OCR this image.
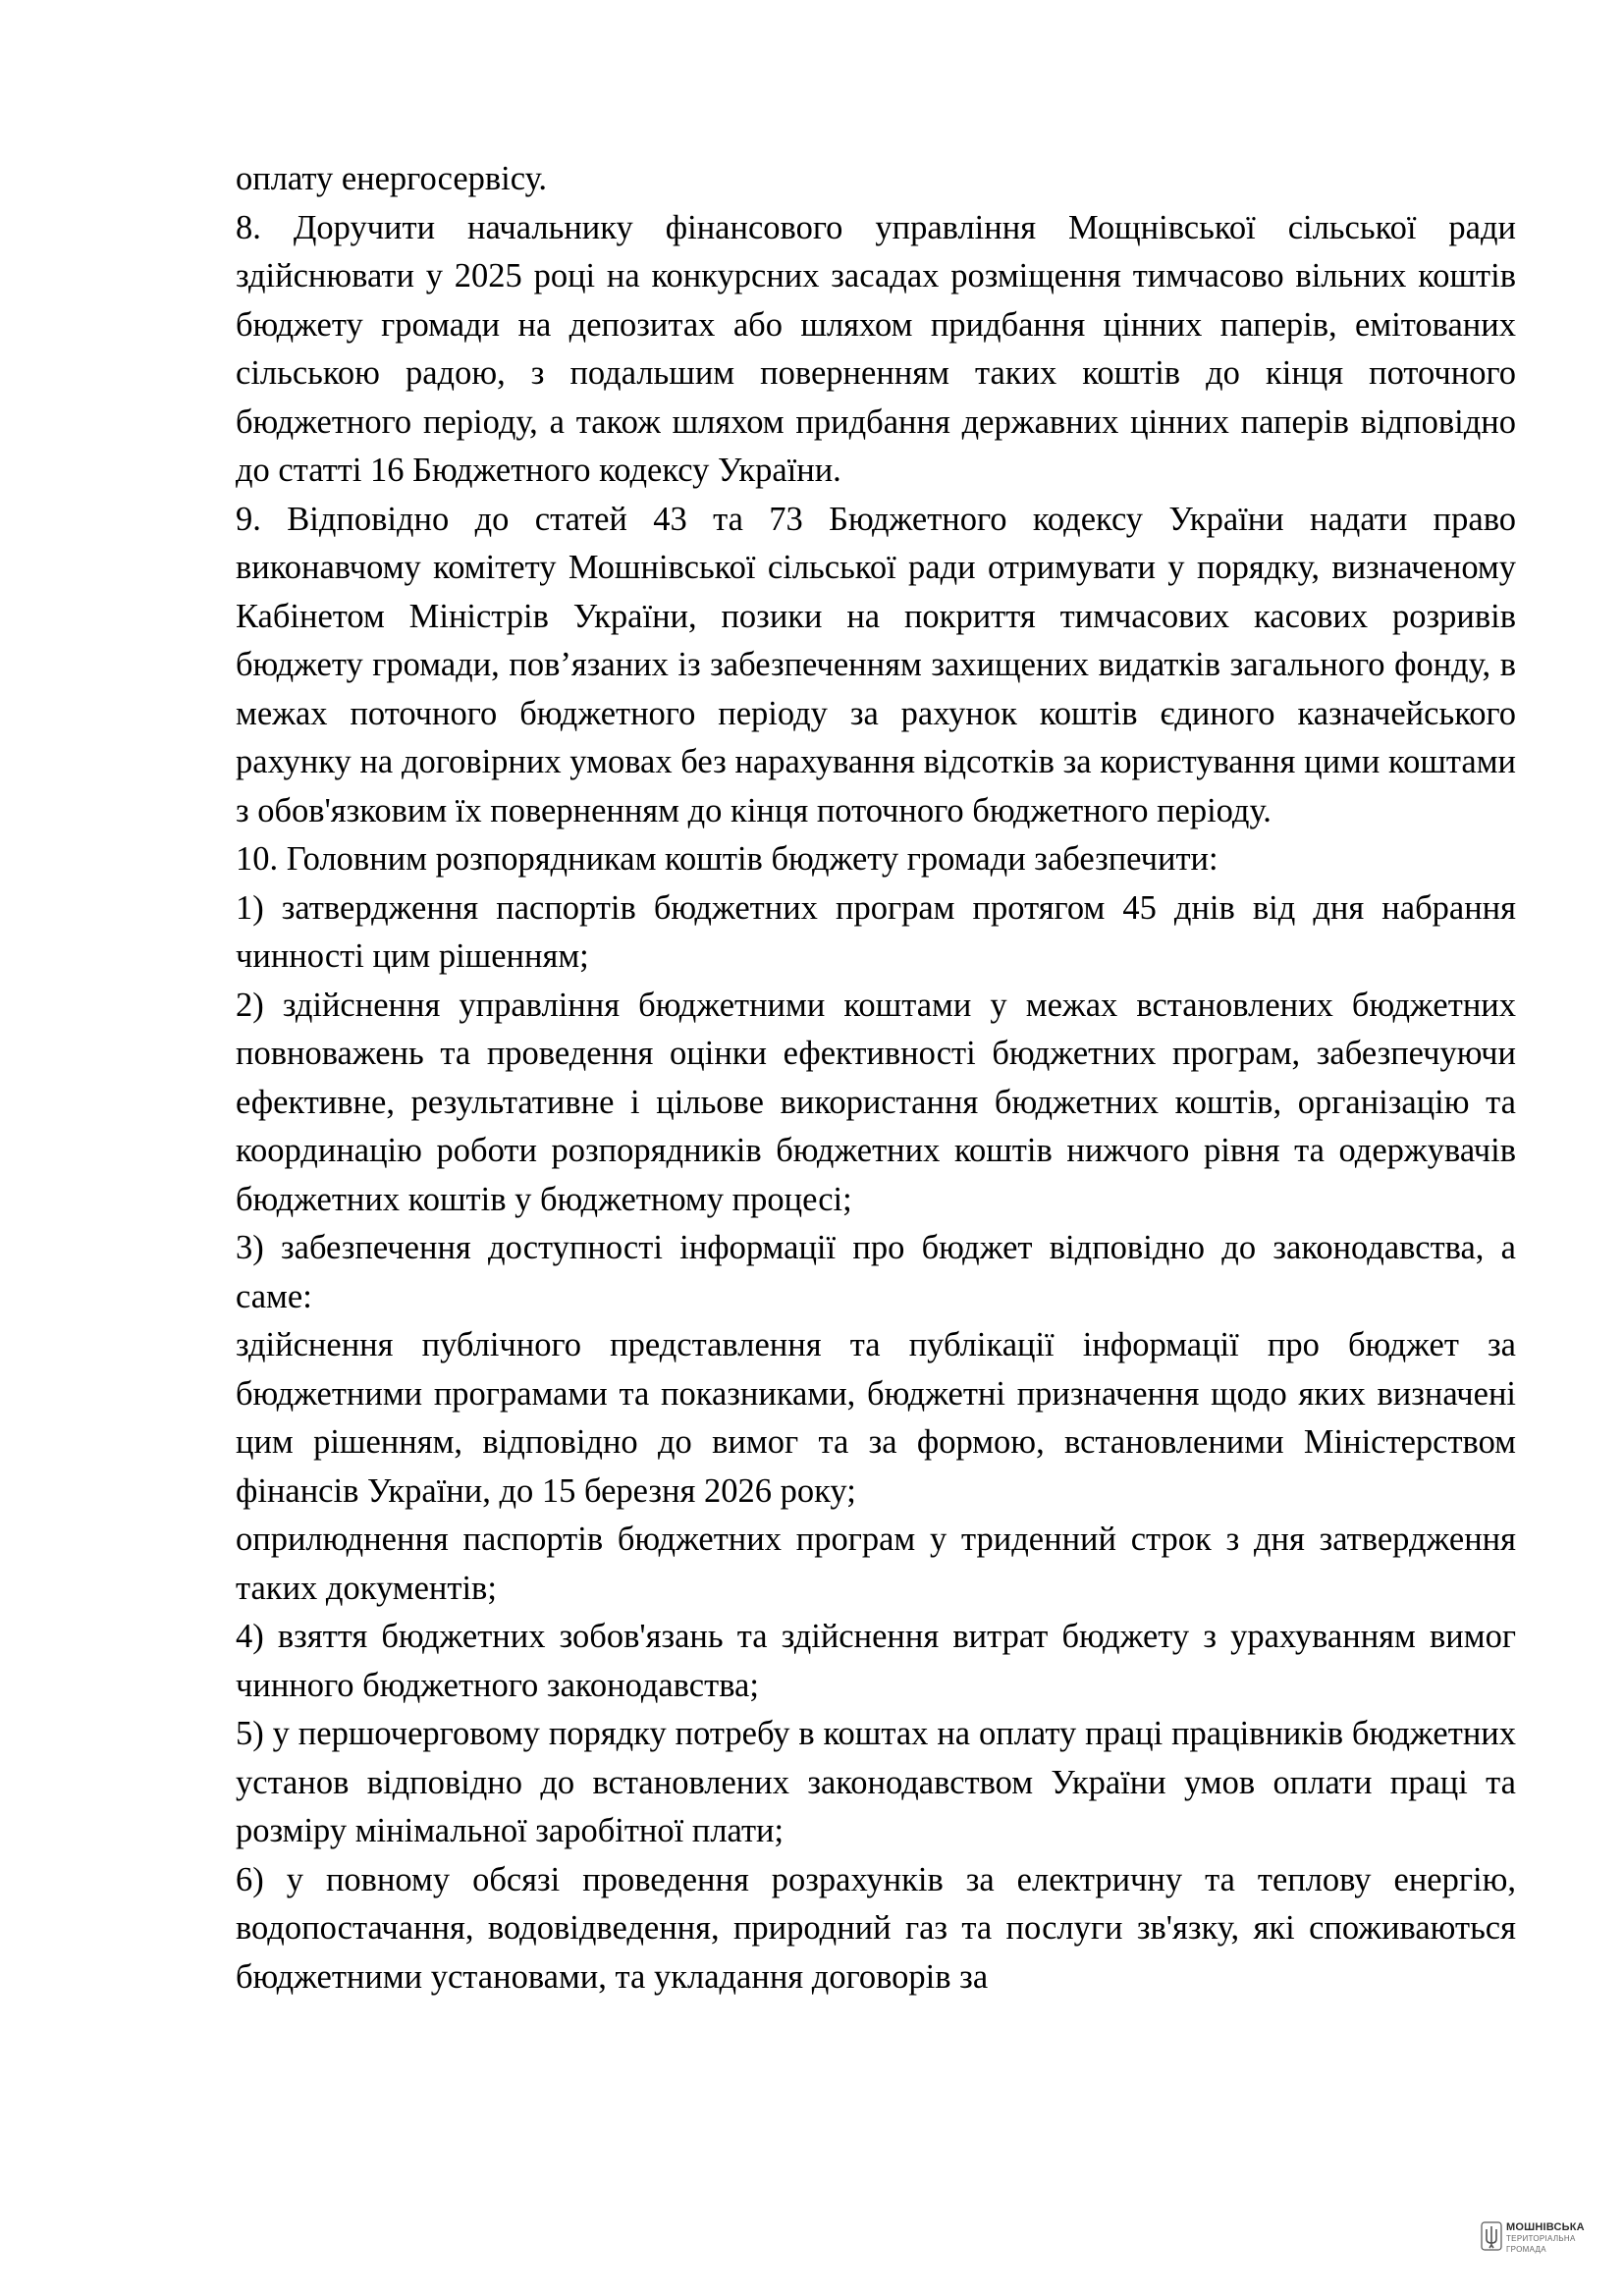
оплату енергосервісу.

8. Доручити начальнику фінансового управління Мощнівської сільської ради здійснювати у 2025 році на конкурсних засадах розміщення тимчасово вільних коштів бюджету громади на депозитах або шляхом придбання цінних паперів, емітованих сільською радою, з подальшим поверненням таких коштів до кінця поточного бюджетного періоду, а також шляхом придбання державних цінних паперів відповідно до статті 16 Бюджетного кодексу України.

9. Відповідно до статей 43 та 73 Бюджетного кодексу України надати право виконавчому комітету Мошнівської сільської ради отримувати у порядку, визначеному Кабінетом Міністрів України, позики на покриття тимчасових касових розривів бюджету громади, пов’язаних із забезпеченням захищених видатків загального фонду, в межах поточного бюджетного періоду за рахунок коштів єдиного казначейського рахунку на договірних умовах без нарахування відсотків за користування цими коштами з обов'язковим їх поверненням до кінця поточного бюджетного періоду.

10. Головним розпорядникам коштів бюджету громади забезпечити:

1) затвердження паспортів бюджетних програм протягом 45 днів від дня набрання чинності цим рішенням;

2) здійснення управління бюджетними коштами у межах встановлених бюджетних повноважень та проведення оцінки ефективності бюджетних програм, забезпечуючи ефективне, результативне і цільове використання бюджетних коштів, організацію та координацію роботи розпорядників бюджетних коштів нижчого рівня та одержувачів бюджетних коштів у бюджетному процесі;

3) забезпечення доступності інформації про бюджет відповідно до законодавства, а саме:

здійснення публічного представлення та публікації інформації про бюджет за бюджетними програмами та показниками, бюджетні призначення щодо яких визначені цим рішенням, відповідно до вимог та за формою, встановленими Міністерством фінансів України, до 15 березня 2026 року;

оприлюднення паспортів бюджетних програм у триденний строк з дня затвердження таких документів;

4) взяття бюджетних зобов'язань та здійснення витрат бюджету з урахуванням вимог чинного бюджетного законодавства;

5) у першочерговому порядку потребу в коштах на оплату праці працівників бюджетних установ відповідно до встановлених законодавством України умов оплати праці та розміру мінімальної заробітної плати;

6) у повному обсязі проведення розрахунків за електричну та теплову енергію, водопостачання, водовідведення, природний газ та послуги зв'язку, які споживаються бюджетними установами, та укладання договорів за

МОШНІВСЬКА
ТЕРИТОРІАЛЬНА
ГРОМАДА
